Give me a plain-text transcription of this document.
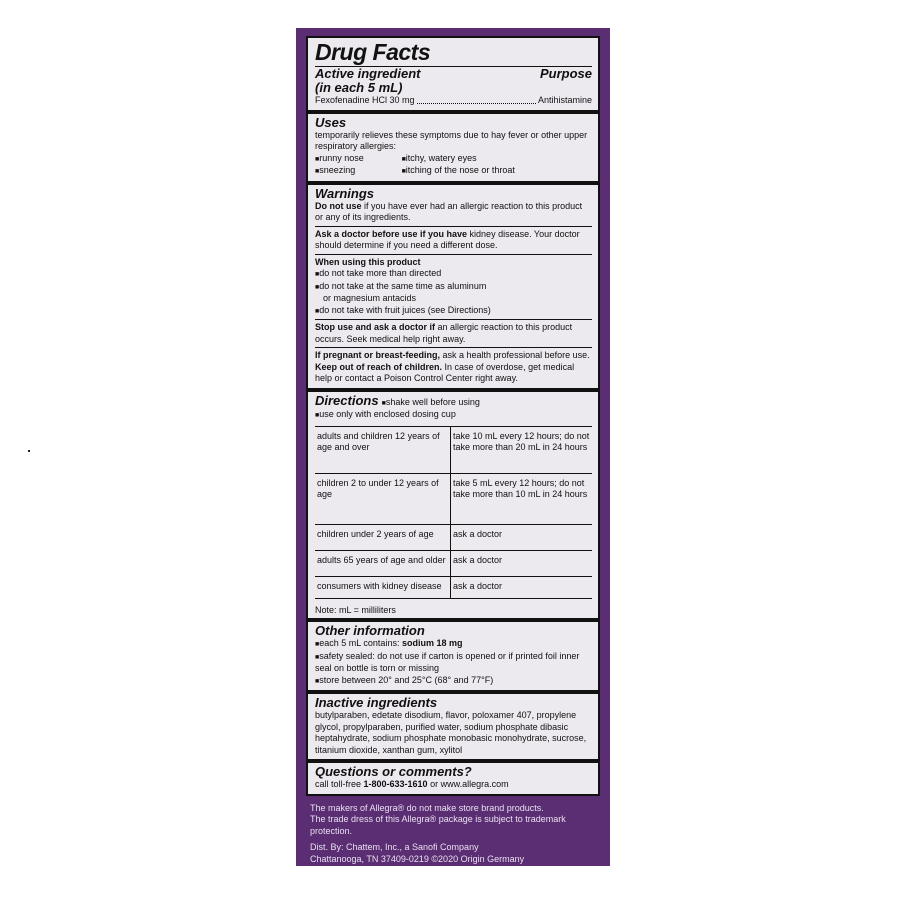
Drug Facts
Active ingredient
(in each 5 mL)
Purpose
Fexofenadine HCl 30 mg	Antihistamine
Uses
temporarily relieves these symptoms due to hay fever or other upper respiratory allergies:
■ runny nose
■ sneezing
■ itchy, watery eyes
■ itching of the nose or throat
Warnings
Do not use if you have ever had an allergic reaction to this product or any of its ingredients.
Ask a doctor before use if you have kidney disease. Your doctor should determine if you need a different dose.
When using this product
■ do not take more than directed
■ do not take at the same time as aluminum
or magnesium antacids
■ do not take with fruit juices (see Directions)
Stop use and ask a doctor if an allergic reaction to this product occurs. Seek medical help right away.
If pregnant or breast-feeding, ask a health professional before use.
Keep out of reach of children. In case of overdose, get medical help or contact a Poison Control Center right away.
Directions ■ shake well before using
■ use only with enclosed dosing cup
adults and children 12 years of age and over	take 10 mL every 12 hours; do not take more than 20 mL in 24 hours
children 2 to under 12 years of age	take 5 mL every 12 hours; do not take more than 10 mL in 24 hours
children under 2 years of age	ask a doctor
adults 65 years of age and older	ask a doctor
consumers with kidney disease	ask a doctor
Note: mL = milliliters
Other information
■ each 5 mL contains: sodium 18 mg
■ safety sealed: do not use if carton is opened or if printed foil inner seal on bottle is torn or missing
■ store between 20° and 25°C (68° and 77°F)
Inactive ingredients
butylparaben, edetate disodium, flavor, poloxamer 407, propylene glycol, propylparaben, purified water, sodium phosphate dibasic heptahydrate, sodium phosphate monobasic monohydrate, sucrose, titanium dioxide, xanthan gum, xylitol
Questions or comments?
call toll-free 1-800-633-1610 or www.allegra.com

The makers of Allegra® do not make store brand products.
The trade dress of this Allegra® package is subject to trademark protection.

Dist. By: Chattem, Inc., a Sanofi Company
Chattanooga, TN 37409-0219 ©2020 Origin Germany
